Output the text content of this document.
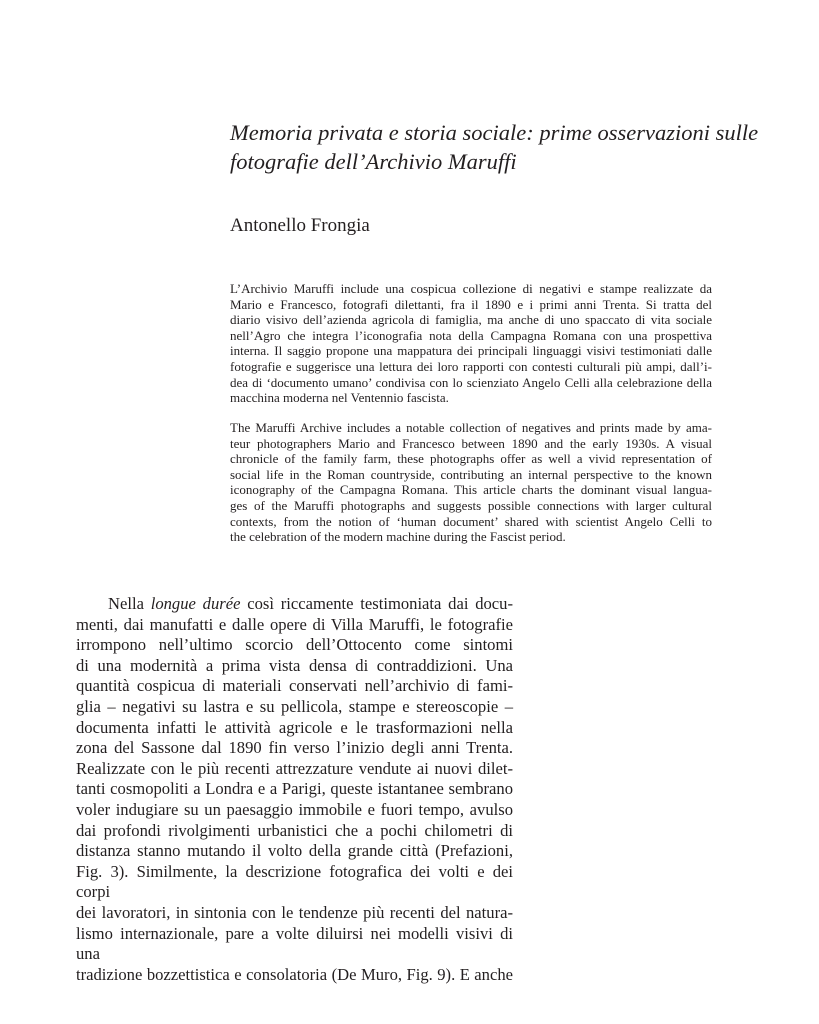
Memoria privata e storia sociale: prime osservazioni sulle
fotografie dell’Archivio Maruffi
Antonello Frongia
L’Archivio Maruffi include una cospicua collezione di negativi e stampe realizzate da
Mario e Francesco, fotografi dilettanti, fra il 1890 e i primi anni Trenta. Si tratta del
diario visivo dell’azienda agricola di famiglia, ma anche di uno spaccato di vita sociale
nell’Agro che integra l’iconografia nota della Campagna Romana con una prospettiva
interna. Il saggio propone una mappatura dei principali linguaggi visivi testimoniati dalle
fotografie e suggerisce una lettura dei loro rapporti con contesti culturali più ampi, dall’i-
dea di ‘documento umano’ condivisa con lo scienziato Angelo Celli alla celebrazione della
macchina moderna nel Ventennio fascista.
The Maruffi Archive includes a notable collection of negatives and prints made by ama-
teur photographers Mario and Francesco between 1890 and the early 1930s. A visual
chronicle of the family farm, these photographs offer as well a vivid representation of
social life in the Roman countryside, contributing an internal perspective to the known
iconography of the Campagna Romana. This article charts the dominant visual langua-
ges of the Maruffi photographs and suggests possible connections with larger cultural
contexts, from the notion of ‘human document’ shared with scientist Angelo Celli to
the celebration of the modern machine during the Fascist period.
Nella longue durée così riccamente testimoniata dai docu-
menti, dai manufatti e dalle opere di Villa Maruffi, le fotografie
irrompono nell’ultimo scorcio dell’Ottocento come sintomi
di una modernità a prima vista densa di contraddizioni. Una
quantità cospicua di materiali conservati nell’archivio di fami-
glia – negativi su lastra e su pellicola, stampe e stereoscopie –
documenta infatti le attività agricole e le trasformazioni nella
zona del Sassone dal 1890 fin verso l’inizio degli anni Trenta.
Realizzate con le più recenti attrezzature vendute ai nuovi dilet-
tanti cosmopoliti a Londra e a Parigi, queste istantanee sembrano
voler indugiare su un paesaggio immobile e fuori tempo, avulso
dai profondi rivolgimenti urbanistici che a pochi chilometri di
distanza stanno mutando il volto della grande città (Prefazioni,
Fig. 3). Similmente, la descrizione fotografica dei volti e dei corpi
dei lavoratori, in sintonia con le tendenze più recenti del natura-
lismo internazionale, pare a volte diluirsi nei modelli visivi di una
tradizione bozzettistica e consolatoria (De Muro, Fig. 9). E anche
